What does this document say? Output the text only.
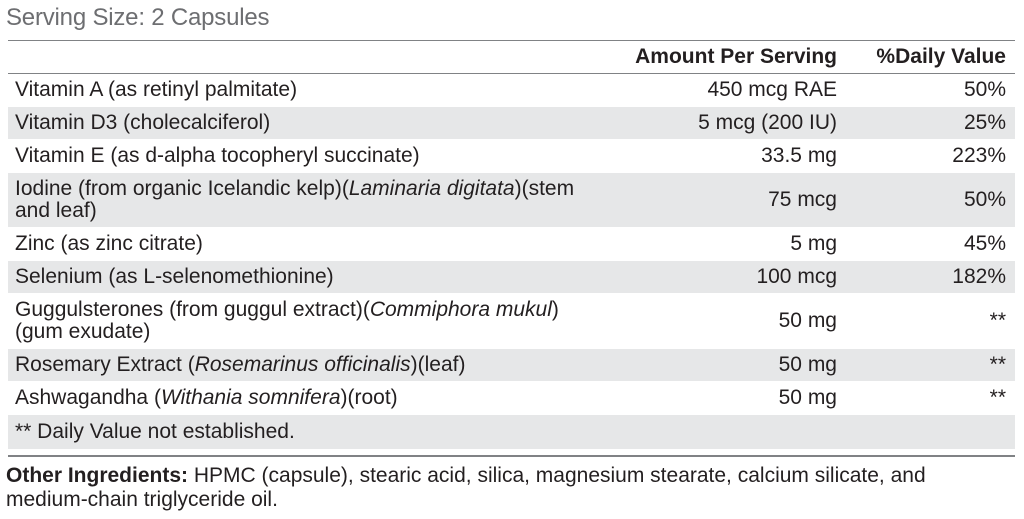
Serving Size: 2 Capsules
	Amount Per Serving	%Daily Value
Vitamin A (as retinyl palmitate)	450 mcg RAE	50%
Vitamin D3 (cholecalciferol)	5 mcg (200 IU)	25%
Vitamin E (as d-alpha tocopheryl succinate)	33.5 mg	223%
Iodine (from organic Icelandic kelp)(Laminaria digitata)(stem and leaf)	75 mcg	50%
Zinc (as zinc citrate)	5 mg	45%
Selenium (as L-selenomethionine)	100 mcg	182%
Guggulsterones (from guggul extract)(Commiphora mukul)(gum exudate)	50 mg	**
Rosemary Extract (Rosemarinus officinalis)(leaf)	50 mg	**
Ashwagandha (Withania somnifera)(root)	50 mg	**
** Daily Value not established.		
Other Ingredients: HPMC (capsule), stearic acid, silica, magnesium stearate, calcium silicate, and medium-chain triglyceride oil.
